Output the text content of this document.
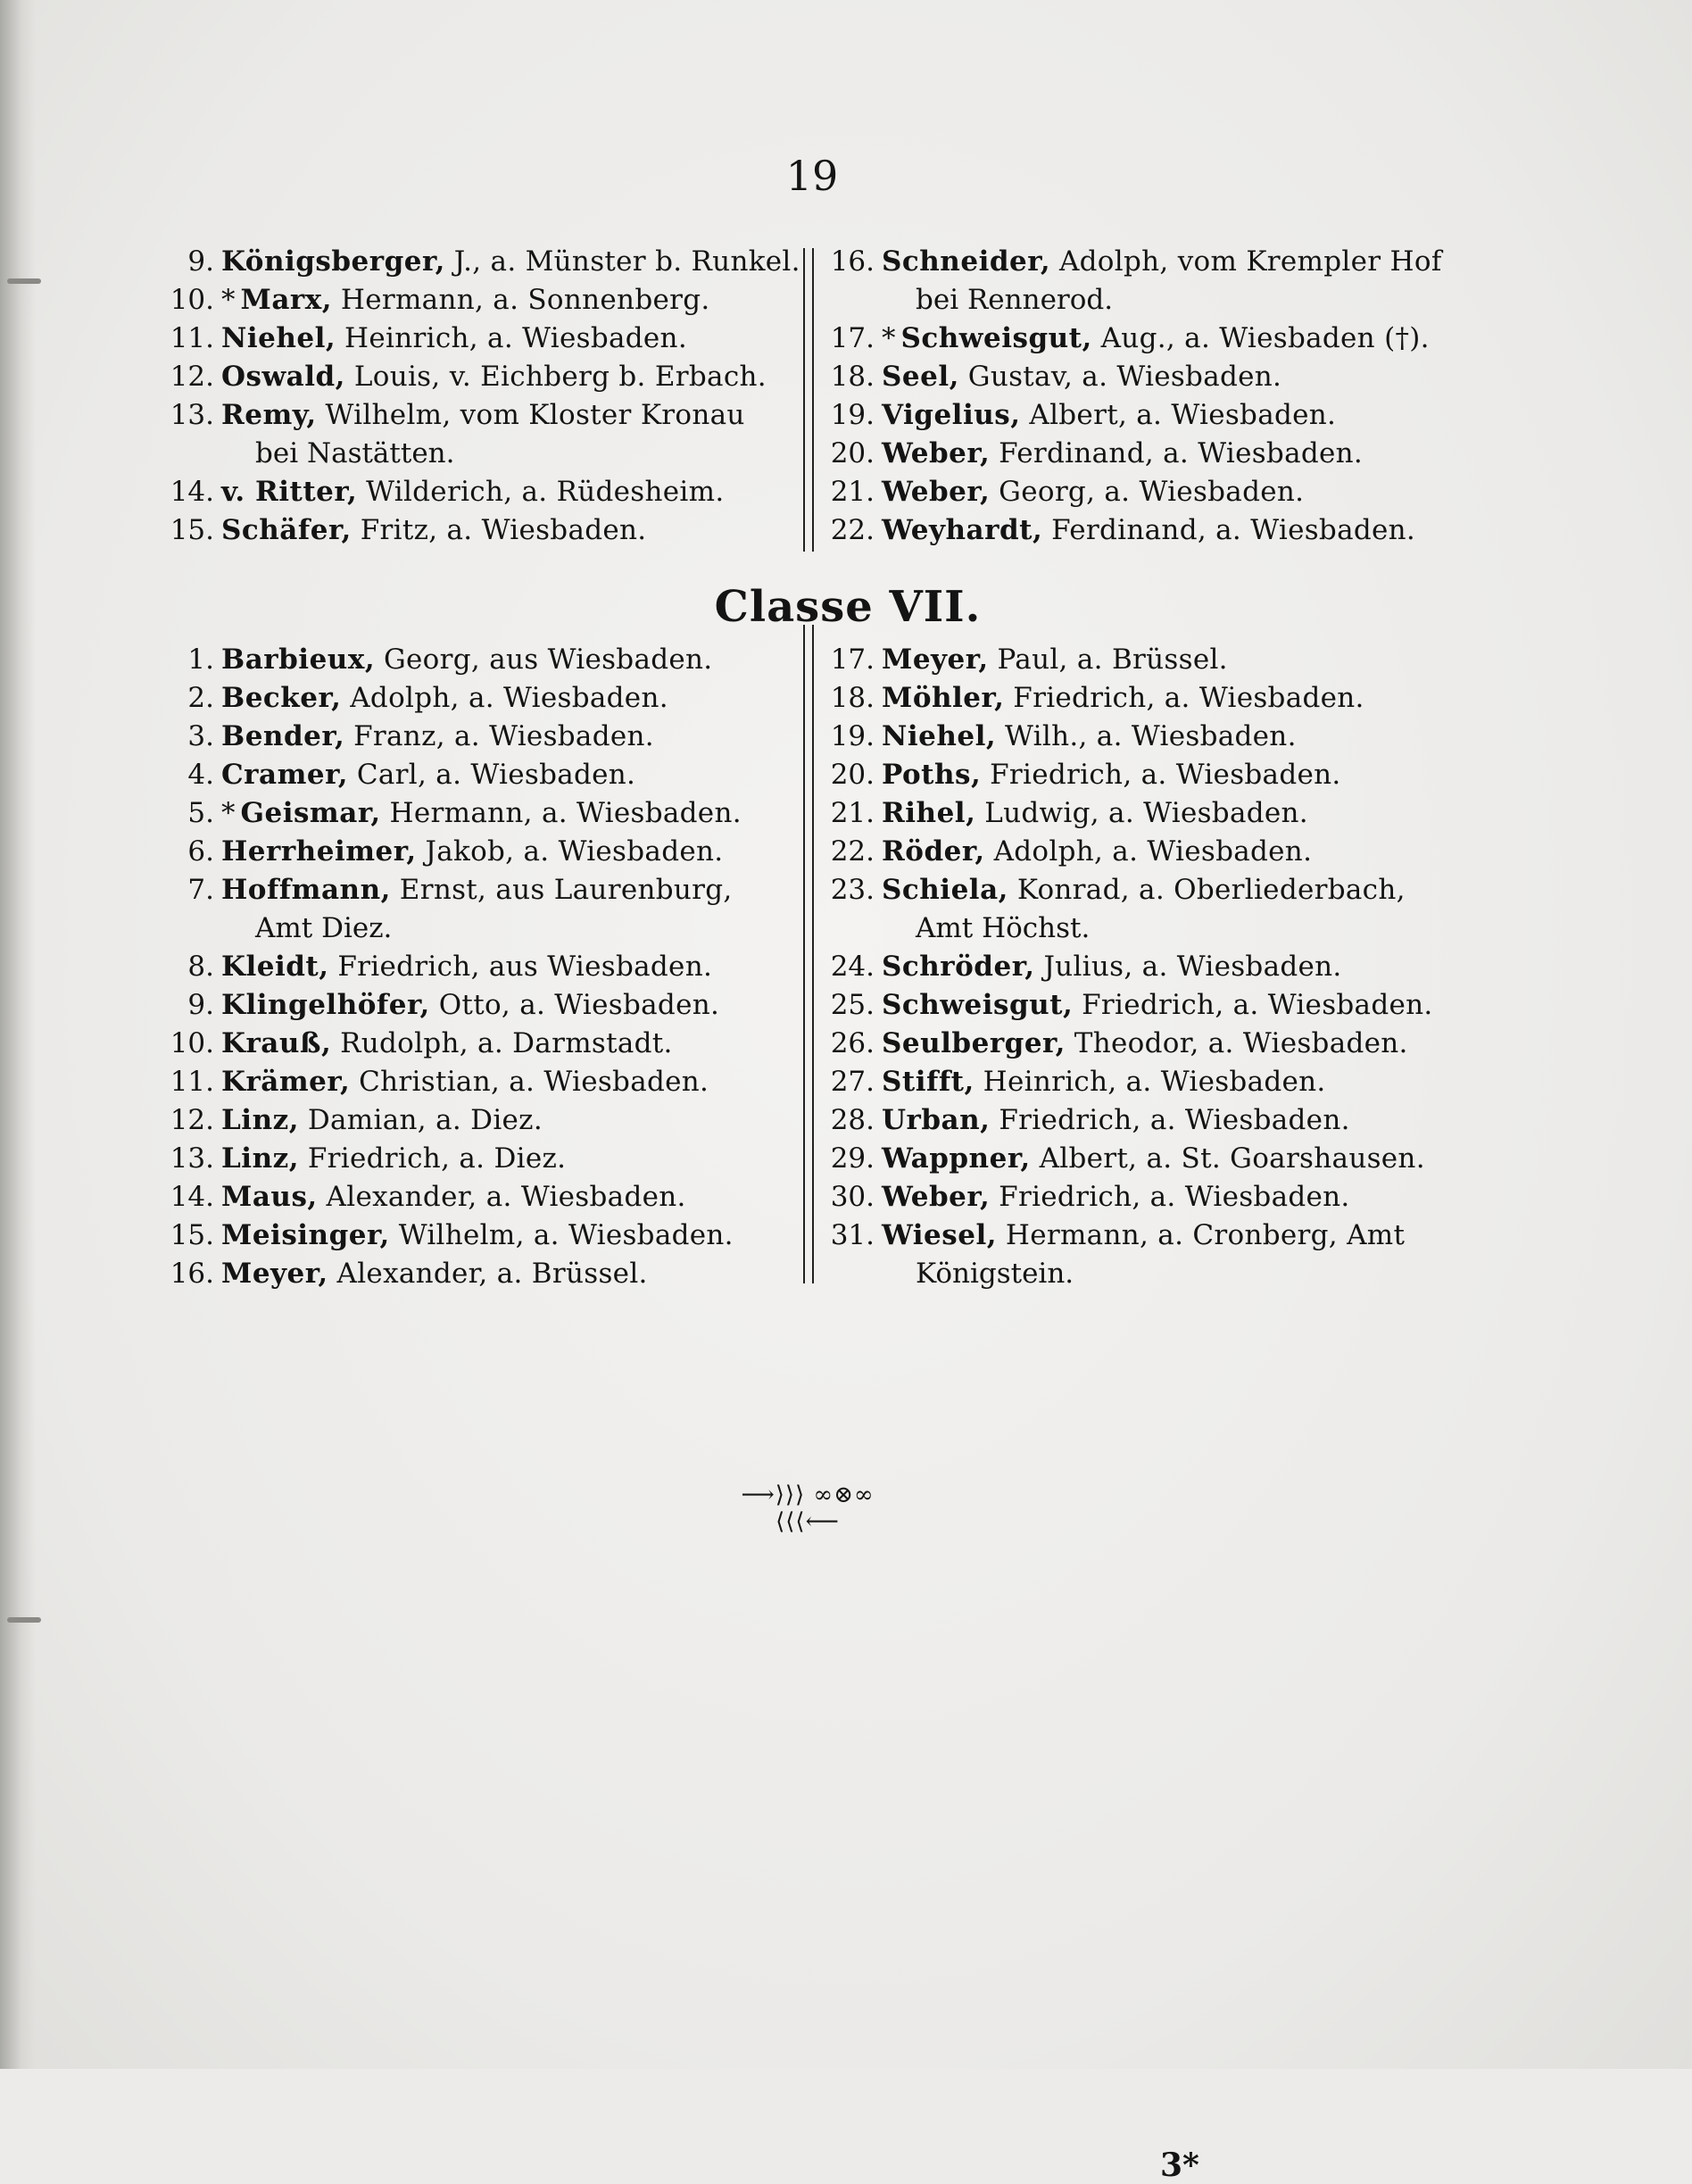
19
9. Königsberger, J., a. Münster b. Runkel.
10. * Marx, Hermann, a. Sonnenberg.
11. Niehel, Heinrich, a. Wiesbaden.
12. Oswald, Louis, v. Eichberg b. Erbach.
13. Remy, Wilhelm, vom Kloster Kronau
bei Nastätten.
14. v. Ritter, Wilderich, a. Rüdesheim.
15. Schäfer, Fritz, a. Wiesbaden.
16. Schneider, Adolph, vom Krempler Hof
bei Rennerod.
17. * Schweisgut, Aug., a. Wiesbaden (†).
18. Seel, Gustav, a. Wiesbaden.
19. Vigelius, Albert, a. Wiesbaden.
20. Weber, Ferdinand, a. Wiesbaden.
21. Weber, Georg, a. Wiesbaden.
22. Weyhardt, Ferdinand, a. Wiesbaden.
Classe VII.
1. Barbieux, Georg, aus Wiesbaden.
2. Becker, Adolph, a. Wiesbaden.
3. Bender, Franz, a. Wiesbaden.
4. Cramer, Carl, a. Wiesbaden.
5. * Geismar, Hermann, a. Wiesbaden.
6. Herrheimer, Jakob, a. Wiesbaden.
7. Hoffmann, Ernst, aus Laurenburg,
Amt Diez.
8. Kleidt, Friedrich, aus Wiesbaden.
9. Klingelhöfer, Otto, a. Wiesbaden.
10. Krauß, Rudolph, a. Darmstadt.
11. Krämer, Christian, a. Wiesbaden.
12. Linz, Damian, a. Diez.
13. Linz, Friedrich, a. Diez.
14. Maus, Alexander, a. Wiesbaden.
15. Meisinger, Wilhelm, a. Wiesbaden.
16. Meyer, Alexander, a. Brüssel.
17. Meyer, Paul, a. Brüssel.
18. Möhler, Friedrich, a. Wiesbaden.
19. Niehel, Wilh., a. Wiesbaden.
20. Poths, Friedrich, a. Wiesbaden.
21. Rihel, Ludwig, a. Wiesbaden.
22. Röder, Adolph, a. Wiesbaden.
23. Schiela, Konrad, a. Oberliederbach,
Amt Höchst.
24. Schröder, Julius, a. Wiesbaden.
25. Schweisgut, Friedrich, a. Wiesbaden.
26. Seulberger, Theodor, a. Wiesbaden.
27. Stifft, Heinrich, a. Wiesbaden.
28. Urban, Friedrich, a. Wiesbaden.
29. Wappner, Albert, a. St. Goarshausen.
30. Weber, Friedrich, a. Wiesbaden.
31. Wiesel, Hermann, a. Cronberg, Amt
Königstein.
⟶⟩⟩⟩ ∞⊗∞ ⟨⟨⟨⟵
3*
